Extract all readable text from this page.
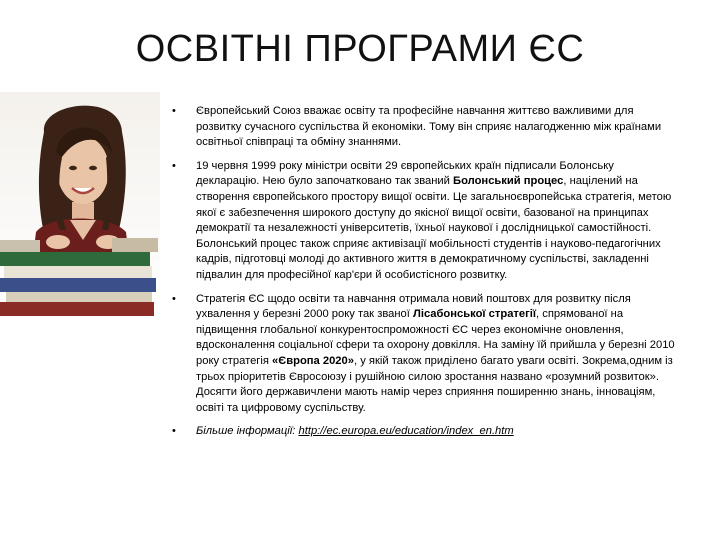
ОСВІТНІ ПРОГРАМИ ЄС
• Європейський Союз вважає освіту та професійне навчання життєво важливими для розвитку сучасного суспільства й економіки. Тому він сприяє налагодженню між країнами освітньої співпраці та обміну знаннями.
• 19 червня 1999 року міністри освіти 29 європейських країн підписали Болонську декларацію. Нею було започатковано так званий Болонський процес, націлений на створення європейського простору вищої освіти. Це загальноєвропейська стратегія, метою якої є забезпечення широкого доступу до якісної вищої освіти, базованої на принципах демократії та незалежності університетів, їхньої наукової і дослідницької самостійності. Болонський процес також сприяє активізації мобільності студентів і науково-педагогічних кадрів, підготовці молоді до активного життя в демократичному суспільстві, закладенні підвалин для професійної кар'єри й особистісного розвитку.
• Стратегія ЄС щодо освіти та навчання отримала новий поштовх для розвитку після ухвалення у березні 2000 року так званої Лісабонської стратегії, спрямованої на підвищення глобальної конкурентоспроможності ЄС через економічне оновлення, вдосконалення соціальної сфери та охорону довкілля. На заміну їй прийшла у березні 2010 року стратегія «Європа 2020», у якій також приділено багато уваги освіті. Зокрема,одним із трьох пріоритетів Євросоюзу і рушійною силою зростання названо «розумний розвиток». Досягти його державичлени мають намір через сприяння поширенню знань, інноваціям, освіті та цифровому суспільству.
• Більше інформації: http://ec.europa.eu/education/index_en.htm
